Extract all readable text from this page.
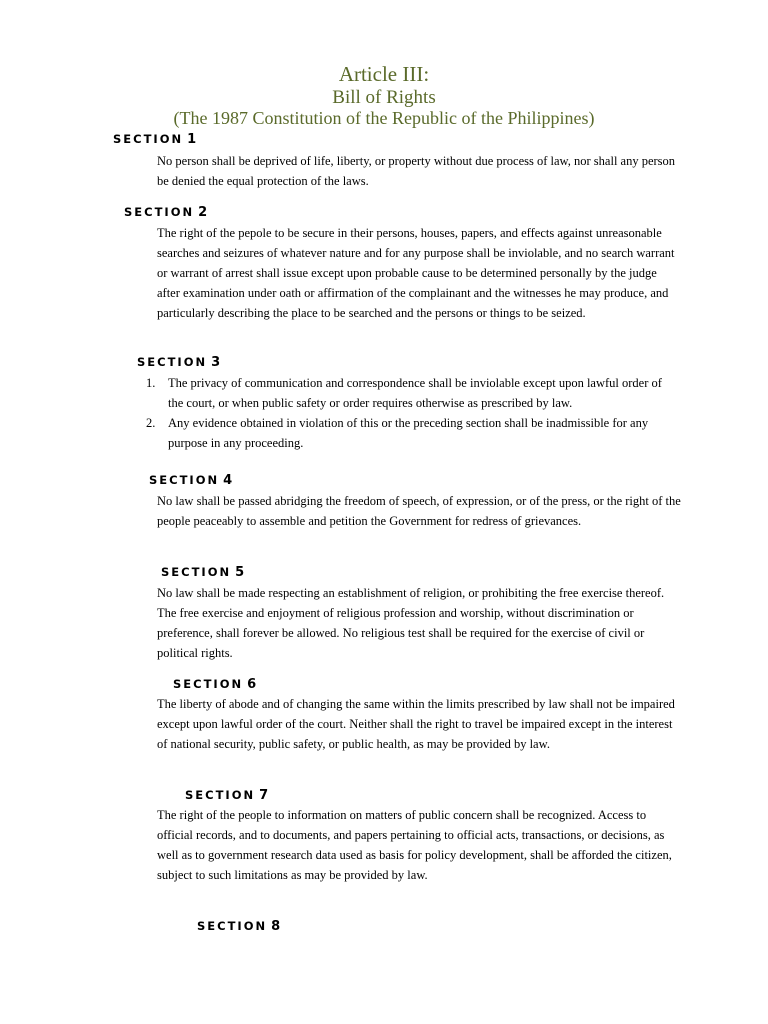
Article III:
Bill of Rights
(The 1987 Constitution of the Republic of the Philippines)
SECTION 1

No person shall be deprived of life, liberty, or property without due process of law, nor shall any person be denied the equal protection of the laws.

SECTION 2

The right of the pepole to be secure in their persons, houses, papers, and effects against unreasonable searches and seizures of whatever nature and for any purpose shall be inviolable, and no search warrant or warrant of arrest shall issue except upon probable cause to be determined personally by the judge after examination under oath or affirmation of the complainant and the witnesses he may produce, and particularly describing the place to be searched and the persons or things to be seized.

SECTION 3
1. The privacy of communication and correspondence shall be inviolable except upon lawful order of the court, or when public safety or order requires otherwise as prescribed by law.
2. Any evidence obtained in violation of this or the preceding section shall be inadmissible for any purpose in any proceeding.
SECTION 4

No law shall be passed abridging the freedom of speech, of expression, or of the press, or the right of the people peaceably to assemble and petition the Government for redress of grievances.

SECTION 5

No law shall be made respecting an establishment of religion, or prohibiting the free exercise thereof. The free exercise and enjoyment of religious profession and worship, without discrimination or preference, shall forever be allowed. No religious test shall be required for the exercise of civil or political rights.

SECTION 6

The liberty of abode and of changing the same within the limits prescribed by law shall not be impaired except upon lawful order of the court. Neither shall the right to travel be impaired except in the interest of national security, public safety, or public health, as may be provided by law.

SECTION 7

The right of the people to information on matters of public concern shall be recognized. Access to official records, and to documents, and papers pertaining to official acts, transactions, or decisions, as well as to government research data used as basis for policy development, shall be afforded the citizen, subject to such limitations as may be provided by law.

SECTION 8
